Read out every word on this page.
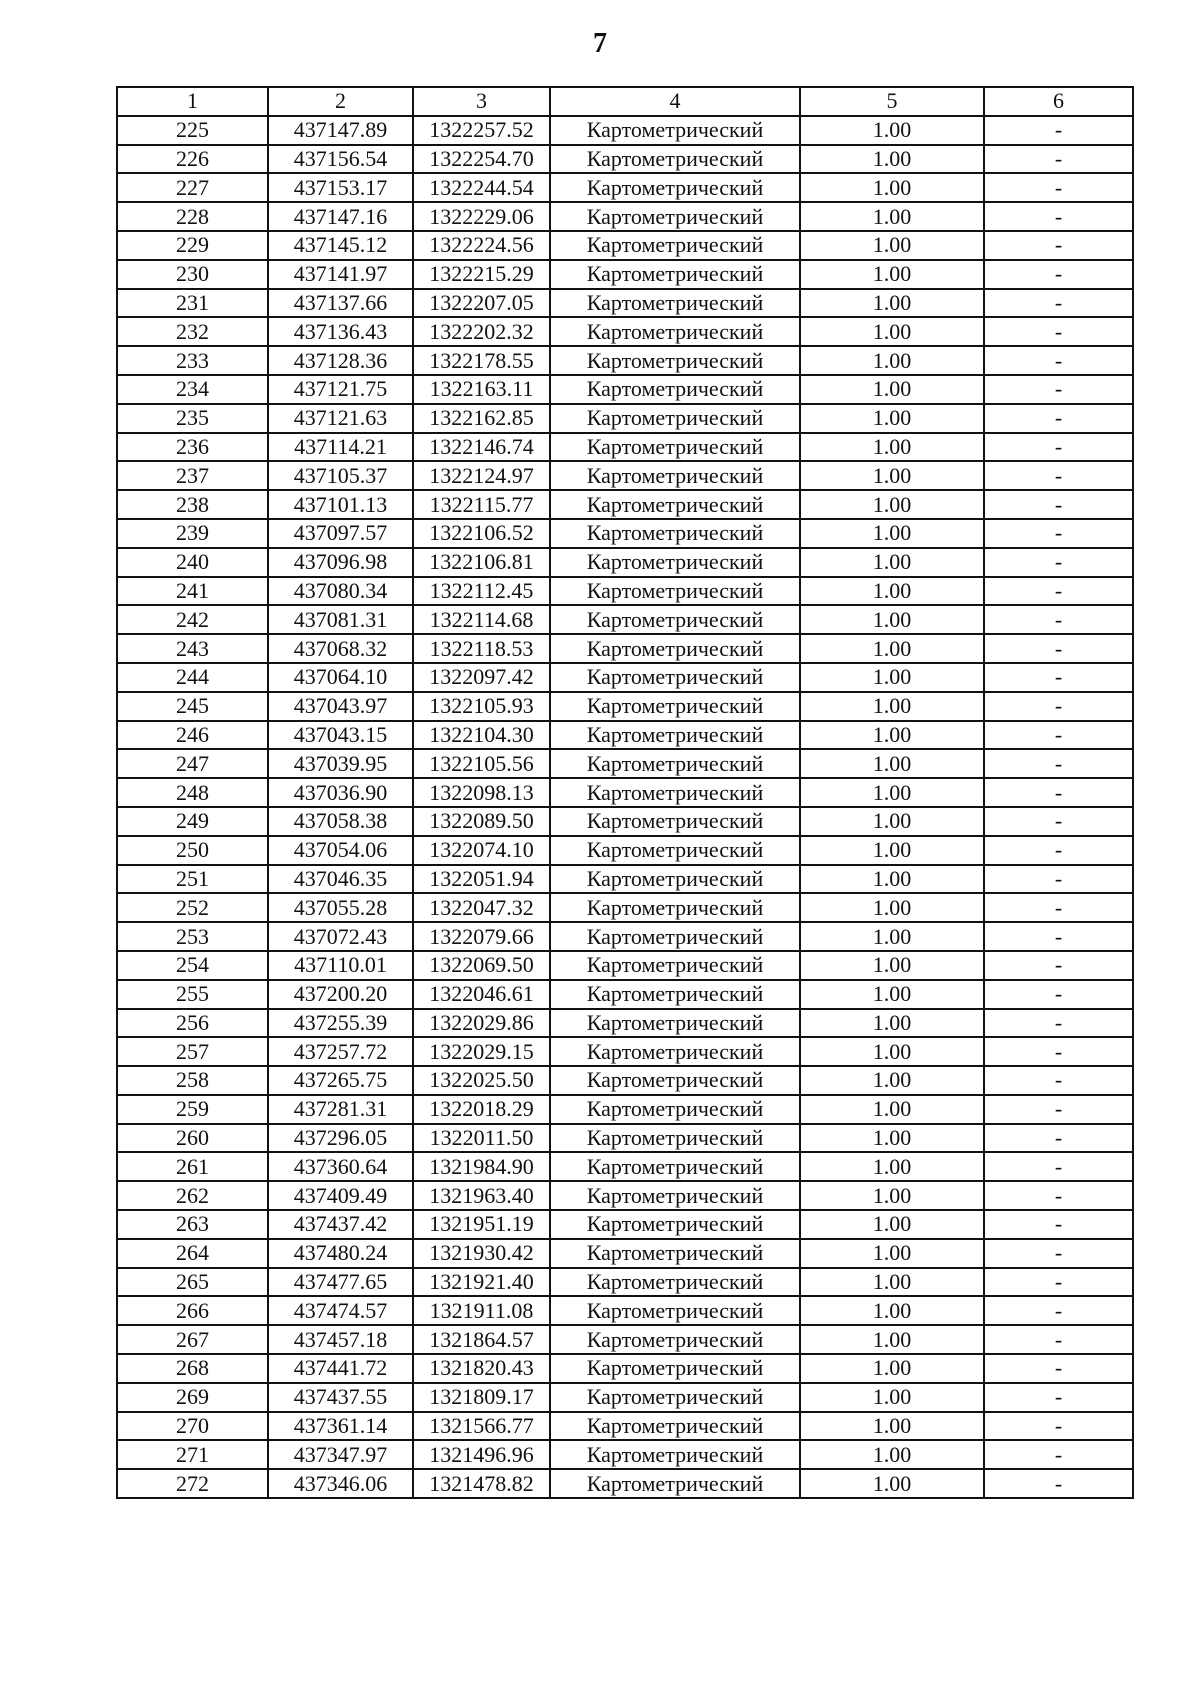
7
1	2	3	4	5	6
225	437147.89	1322257.52	Картометрический	1.00	-
226	437156.54	1322254.70	Картометрический	1.00	-
227	437153.17	1322244.54	Картометрический	1.00	-
228	437147.16	1322229.06	Картометрический	1.00	-
229	437145.12	1322224.56	Картометрический	1.00	-
230	437141.97	1322215.29	Картометрический	1.00	-
231	437137.66	1322207.05	Картометрический	1.00	-
232	437136.43	1322202.32	Картометрический	1.00	-
233	437128.36	1322178.55	Картометрический	1.00	-
234	437121.75	1322163.11	Картометрический	1.00	-
235	437121.63	1322162.85	Картометрический	1.00	-
236	437114.21	1322146.74	Картометрический	1.00	-
237	437105.37	1322124.97	Картометрический	1.00	-
238	437101.13	1322115.77	Картометрический	1.00	-
239	437097.57	1322106.52	Картометрический	1.00	-
240	437096.98	1322106.81	Картометрический	1.00	-
241	437080.34	1322112.45	Картометрический	1.00	-
242	437081.31	1322114.68	Картометрический	1.00	-
243	437068.32	1322118.53	Картометрический	1.00	-
244	437064.10	1322097.42	Картометрический	1.00	-
245	437043.97	1322105.93	Картометрический	1.00	-
246	437043.15	1322104.30	Картометрический	1.00	-
247	437039.95	1322105.56	Картометрический	1.00	-
248	437036.90	1322098.13	Картометрический	1.00	-
249	437058.38	1322089.50	Картометрический	1.00	-
250	437054.06	1322074.10	Картометрический	1.00	-
251	437046.35	1322051.94	Картометрический	1.00	-
252	437055.28	1322047.32	Картометрический	1.00	-
253	437072.43	1322079.66	Картометрический	1.00	-
254	437110.01	1322069.50	Картометрический	1.00	-
255	437200.20	1322046.61	Картометрический	1.00	-
256	437255.39	1322029.86	Картометрический	1.00	-
257	437257.72	1322029.15	Картометрический	1.00	-
258	437265.75	1322025.50	Картометрический	1.00	-
259	437281.31	1322018.29	Картометрический	1.00	-
260	437296.05	1322011.50	Картометрический	1.00	-
261	437360.64	1321984.90	Картометрический	1.00	-
262	437409.49	1321963.40	Картометрический	1.00	-
263	437437.42	1321951.19	Картометрический	1.00	-
264	437480.24	1321930.42	Картометрический	1.00	-
265	437477.65	1321921.40	Картометрический	1.00	-
266	437474.57	1321911.08	Картометрический	1.00	-
267	437457.18	1321864.57	Картометрический	1.00	-
268	437441.72	1321820.43	Картометрический	1.00	-
269	437437.55	1321809.17	Картометрический	1.00	-
270	437361.14	1321566.77	Картометрический	1.00	-
271	437347.97	1321496.96	Картометрический	1.00	-
272	437346.06	1321478.82	Картометрический	1.00	-
